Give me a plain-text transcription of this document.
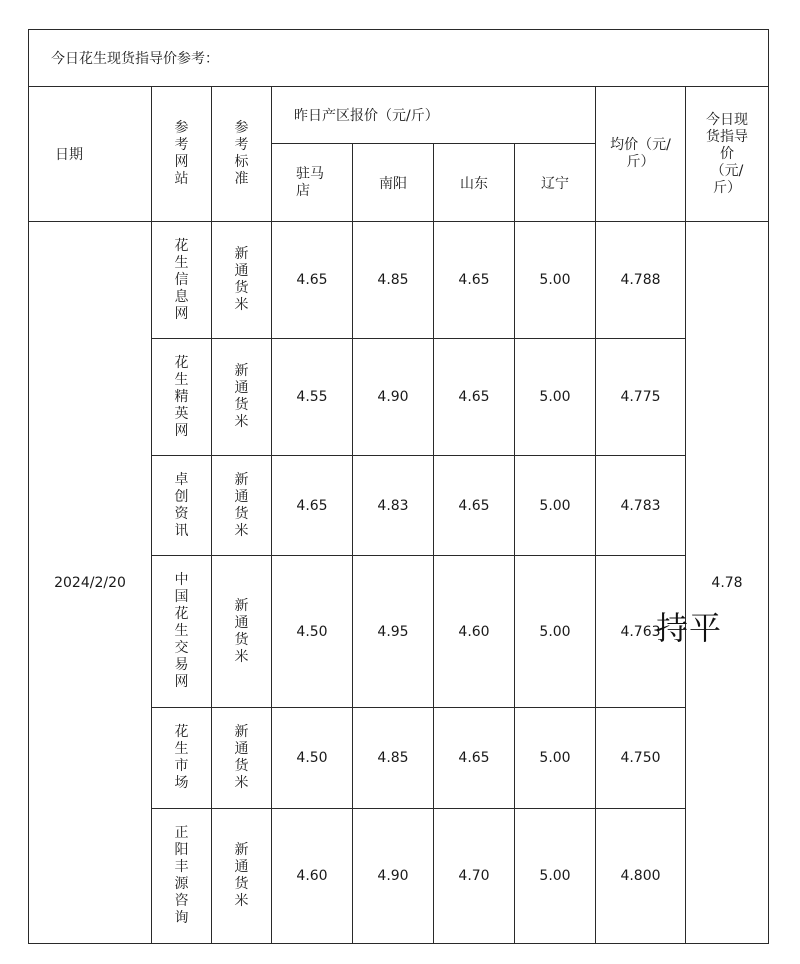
今日花生现货指导价参考：								

日期	参考网站	参考标准	昨日产区报价（元/斤）				均价（元/斤）	今日现货指导价（元/斤）
			驻马店	南阳	山东	辽宁		
2024/2/20	花生信息网	新通货米	4.65	4.85	4.65	5.00	4.788	4.78
	花生精英网	新通货米	4.55	4.90	4.65	5.00	4.775	
	卓创资讯	新通货米	4.65	4.83	4.65	5.00	4.783	
	中国花生交易网	新通货米	4.50	4.95	4.60	5.00	4.763	
	花生市场	新通货米	4.50	4.85	4.65	5.00	4.750	
	正阳丰源咨询	新通货米	4.60	4.90	4.70	5.00	4.800	
持平
